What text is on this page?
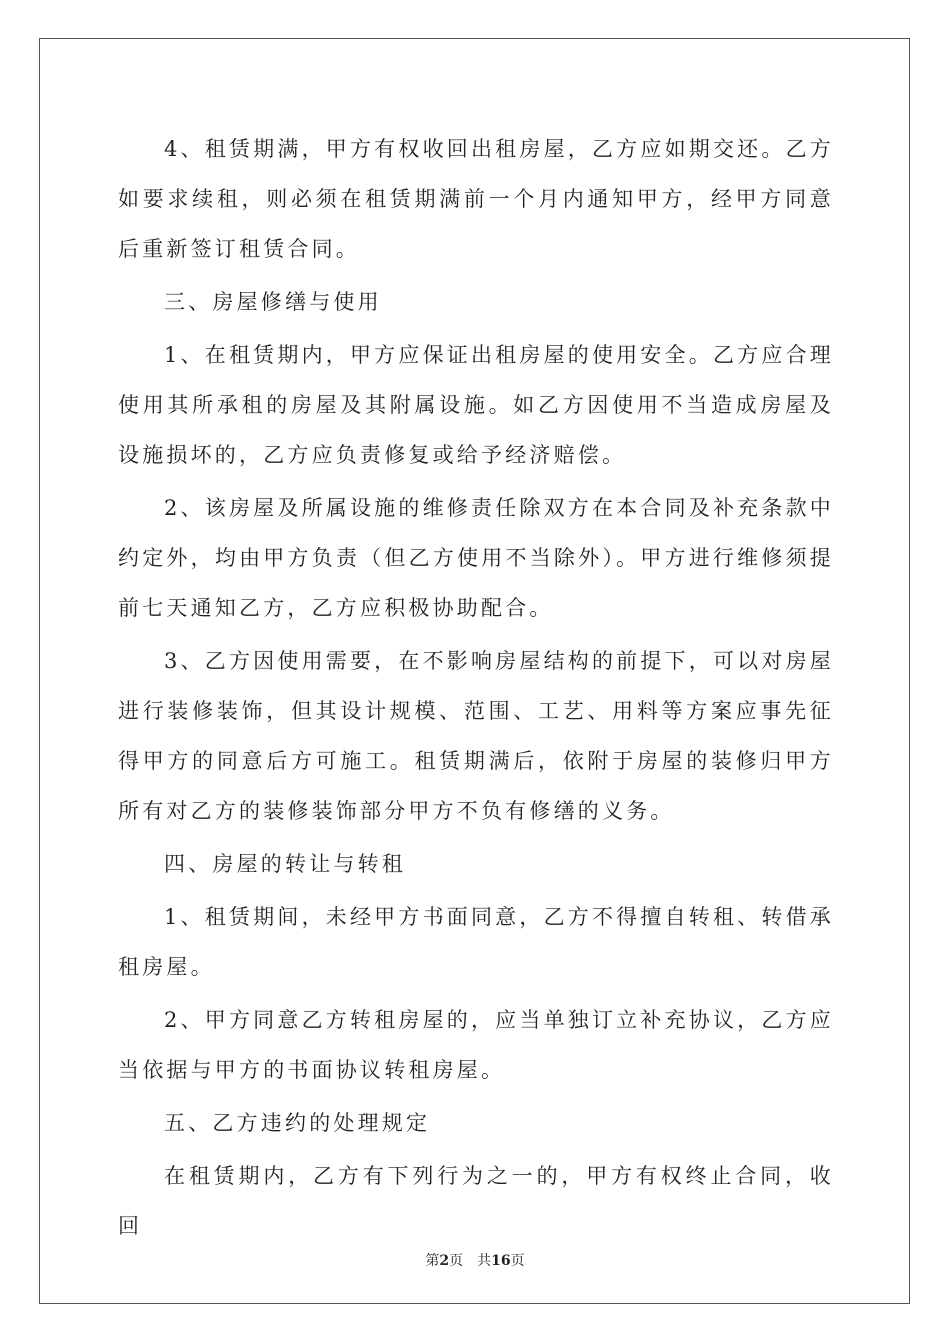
4、租赁期满，甲方有权收回出租房屋，乙方应如期交还。乙方如要求续租，则必须在租赁期满前一个月内通知甲方，经甲方同意后重新签订租赁合同。

三、房屋修缮与使用

1、在租赁期内，甲方应保证出租房屋的使用安全。乙方应合理使用其所承租的房屋及其附属设施。如乙方因使用不当造成房屋及设施损坏的，乙方应负责修复或给予经济赔偿。

2、该房屋及所属设施的维修责任除双方在本合同及补充条款中约定外，均由甲方负责（但乙方使用不当除外）。甲方进行维修须提前七天通知乙方，乙方应积极协助配合。

3、乙方因使用需要，在不影响房屋结构的前提下，可以对房屋进行装修装饰，但其设计规模、范围、工艺、用料等方案应事先征得甲方的同意后方可施工。租赁期满后，依附于房屋的装修归甲方所有对乙方的装修装饰部分甲方不负有修缮的义务。

四、房屋的转让与转租

1、租赁期间，未经甲方书面同意，乙方不得擅自转租、转借承租房屋。

2、甲方同意乙方转租房屋的，应当单独订立补充协议，乙方应当依据与甲方的书面协议转租房屋。

五、乙方违约的处理规定

在租赁期内，乙方有下列行为之一的，甲方有权终止合同，收回

第2页　共16页
